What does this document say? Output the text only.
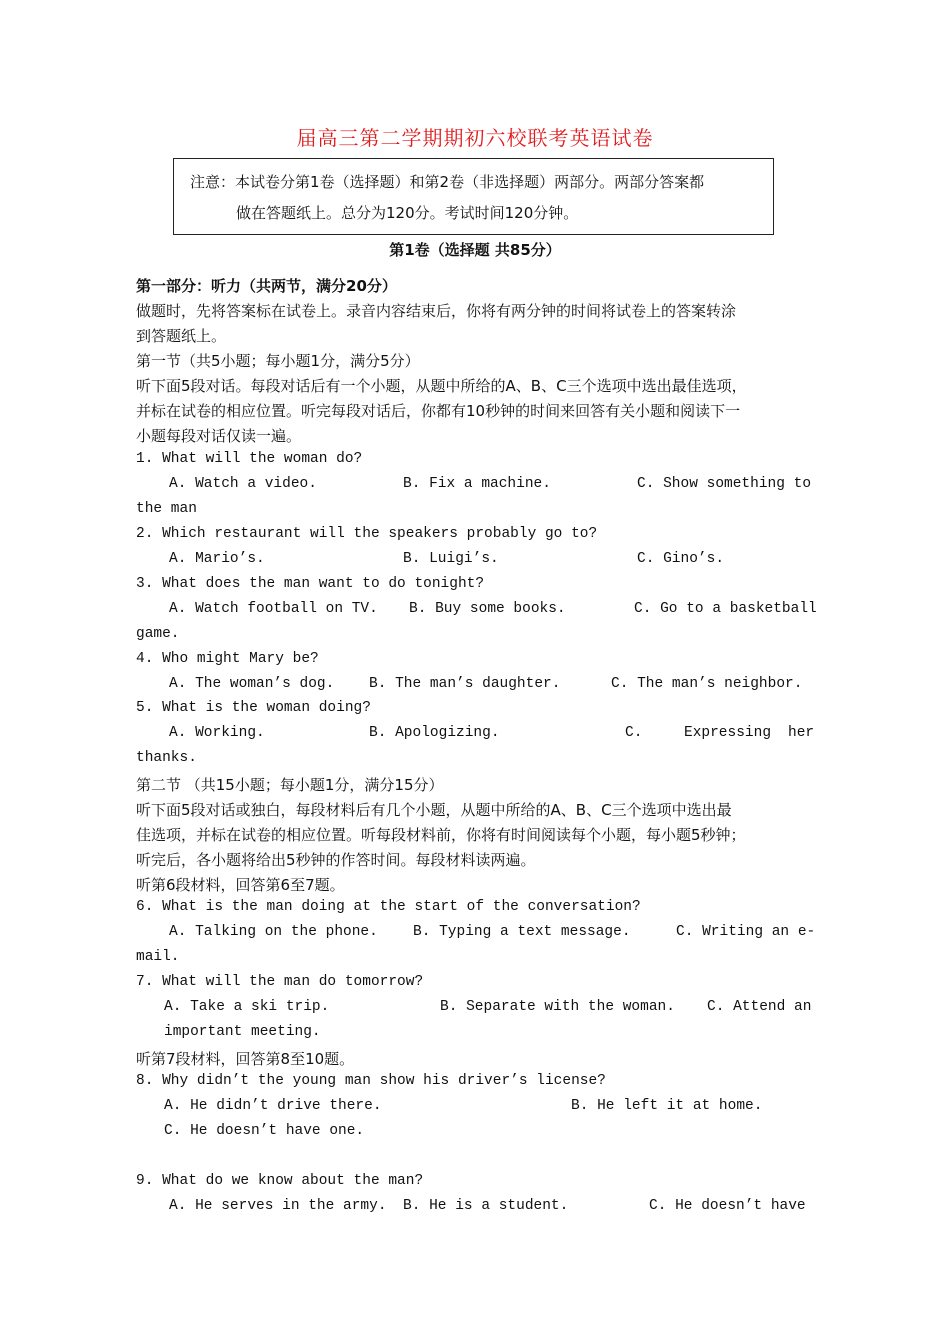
届高三第二学期期初六校联考英语试卷
注意：本试卷分第1卷（选择题）和第2卷（非选择题）两部分。两部分答案都
做在答题纸上。总分为120分。考试时间120分钟。
第1卷（选择题 共85分）
第一部分：听力（共两节，满分20分）
做题时，先将答案标在试卷上。录音内容结束后，你将有两分钟的时间将试卷上的答案转涂
到答题纸上。
第一节（共5小题；每小题1分，满分5分）
听下面5段对话。每段对话后有一个小题，从题中所给的A、B、C三个选项中选出最佳选项，
并标在试卷的相应位置。听完每段对话后，你都有10秒钟的时间来回答有关小题和阅读下一
小题每段对话仅读一遍。
1. What will the woman do?
A. Watch a video.	B. Fix a machine.	C. Show something to
the man
2. Which restaurant will the speakers probably go to?
A. Mario’s.	B. Luigi’s.	C. Gino’s.
3. What does the man want to do tonight?
A. Watch football on TV. B. Buy some books.	C. Go to a basketball
game.
4. Who might Mary be?
A. The woman’s dog. B. The man’s daughter.	C. The man’s neighbor.
5. What is the woman doing?
A. Working.	B. Apologizing.	C.	Expressing her
thanks.
第二节 （共15小题；每小题1分，满分15分）
听下面5段对话或独白，每段材料后有几个小题，从题中所给的A、B、C三个选项中选出最
佳选项，并标在试卷的相应位置。听每段材料前，你将有时间阅读每个小题，每小题5秒钟；
听完后，各小题将给出5秒钟的作答时间。每段材料读两遍。
听第6段材料，回答第6至7题。
6. What is the man doing at the start of the conversation?
A. Talking on the phone. B. Typing a text message.	C. Writing an e-
mail.
7. What will the man do tomorrow?
A. Take a ski trip.	B. Separate with the woman. C. Attend an
important meeting.
听第7段材料，回答第8至10题。
8. Why didn’t the young man show his driver’s license?
A. He didn’t drive there.	B. He left it at home.
C. He doesn’t have one.
9. What do we know about the man?
A. He serves in the army. B. He is a student.	C. He doesn’t have
